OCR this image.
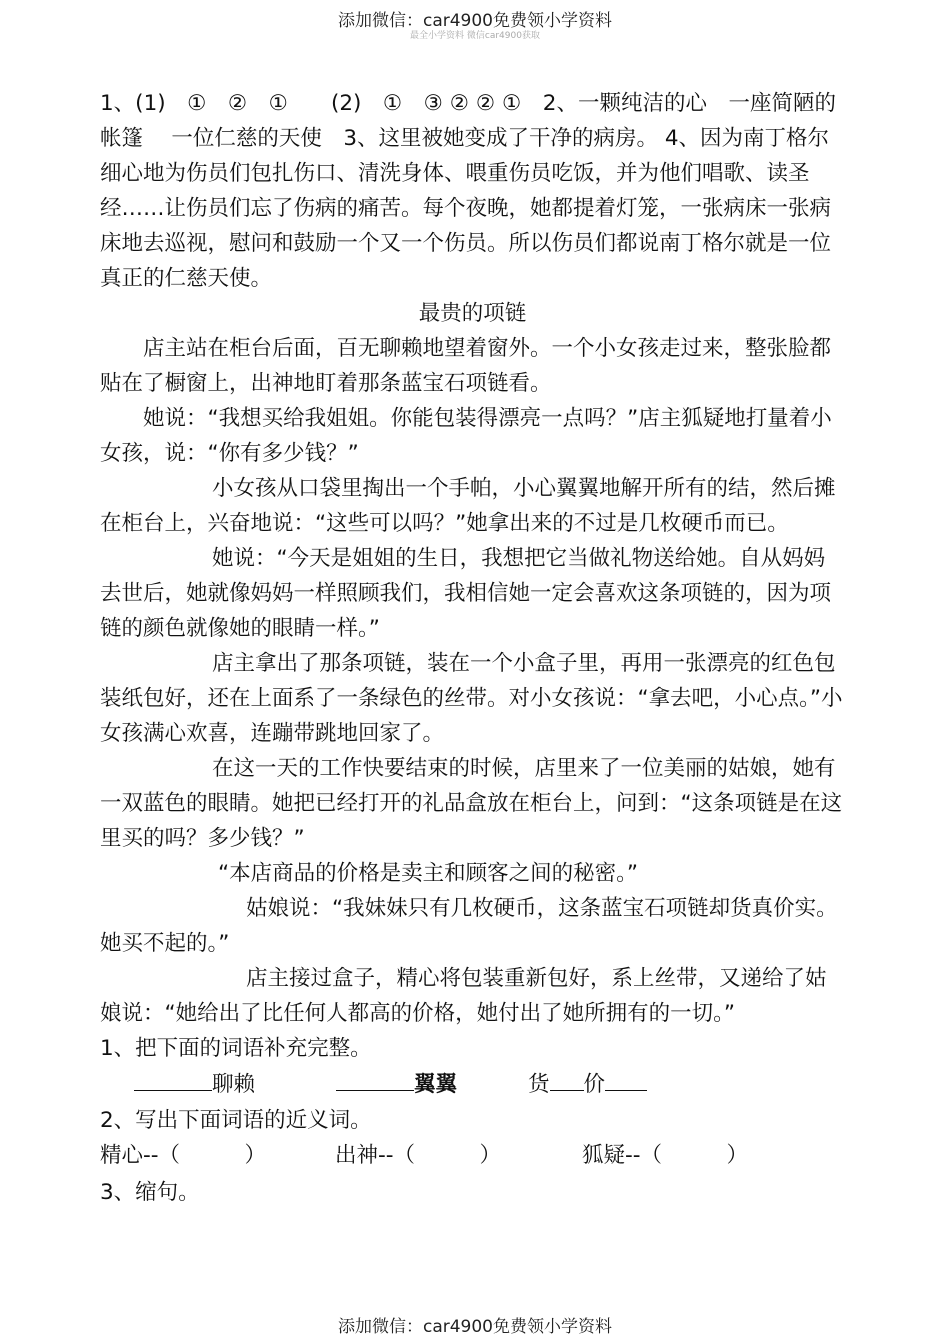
添加微信：car4900免费领小学资料
最全小学资料 微信car4900获取

1、(1)　①　②　①　　(2)　①　③ ② ② ①　2、一颗纯洁的心　一座简陋的帐篷　 一位仁慈的天使　3、这里被她变成了干净的病房。 4、因为南丁格尔细心地为伤员们包扎伤口、清洗身体、喂重伤员吃饭，并为他们唱歌、读圣经……让伤员们忘了伤病的痛苦。每个夜晚，她都提着灯笼，一张病床一张病床地去巡视，慰问和鼓励一个又一个伤员。所以伤员们都说南丁格尔就是一位真正的仁慈天使。

最贵的项链

店主站在柜台后面，百无聊赖地望着窗外。一个小女孩走过来，整张脸都贴在了橱窗上，出神地盯着那条蓝宝石项链看。

她说：“我想买给我姐姐。你能包装得漂亮一点吗？”店主狐疑地打量着小女孩，说：“你有多少钱？”

小女孩从口袋里掏出一个手帕，小心翼翼地解开所有的结，然后摊在柜台上，兴奋地说：“这些可以吗？”她拿出来的不过是几枚硬币而已。

她说：“今天是姐姐的生日，我想把它当做礼物送给她。自从妈妈去世后，她就像妈妈一样照顾我们，我相信她一定会喜欢这条项链的，因为项链的颜色就像她的眼睛一样。”

店主拿出了那条项链，装在一个小盒子里，再用一张漂亮的红色包装纸包好，还在上面系了一条绿色的丝带。对小女孩说：“拿去吧，小心点。”小女孩满心欢喜，连蹦带跳地回家了。

在这一天的工作快要结束的时候，店里来了一位美丽的姑娘，她有一双蓝色的眼睛。她把已经打开的礼品盒放在柜台上，问到：“这条项链是在这里买的吗？多少钱？”

“本店商品的价格是卖主和顾客之间的秘密。”

姑娘说：“我妹妹只有几枚硬币，这条蓝宝石项链却货真价实。她买不起的。”

店主接过盒子，精心将包装重新包好，系上丝带，又递给了姑娘说：“她给出了比任何人都高的价格，她付出了她所拥有的一切。”

1、把下面的词语补充完整。

聊赖	翼翼	货 价

2、写出下面词语的近义词。

精心--（　　　）	出神--（　　　）	狐疑--（　　　）

3、缩句。

添加微信：car4900免费领小学资料
